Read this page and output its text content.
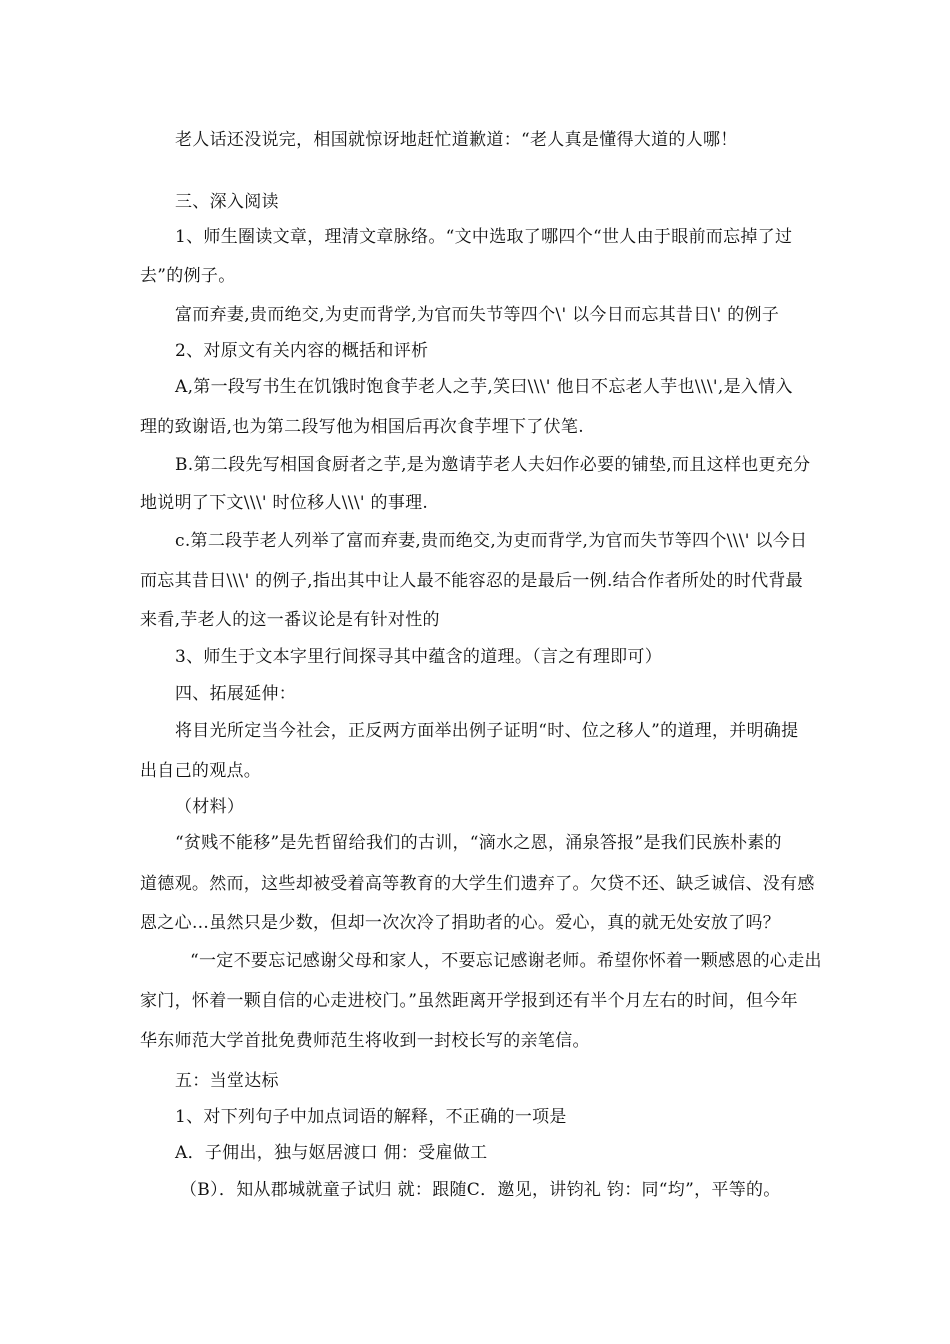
老人话还没说完，相国就惊讶地赶忙道歉道：“老人真是懂得大道的人哪！
三、深入阅读
1、师生圈读文章，理清文章脉络。“文中选取了哪四个“世人由于眼前而忘掉了过
去”的例子。
富而弃妻,贵而绝交,为吏而背学,为官而失节等四个\' 以今日而忘其昔日\' 的例子
2、对原文有关内容的概括和评析
A,第一段写书生在饥饿时饱食芋老人之芋,笑曰\\\' 他日不忘老人芋也\\\',是入情入
理的致谢语,也为第二段写他为相国后再次食芋埋下了伏笔.
B.第二段先写相国食厨者之芋,是为邀请芋老人夫妇作必要的铺垫,而且这样也更充分
地说明了下文\\\' 时位移人\\\' 的事理.
c.第二段芋老人列举了富而弃妻,贵而绝交,为吏而背学,为官而失节等四个\\\' 以今日
而忘其昔日\\\' 的例子,指出其中让人最不能容忍的是最后一例.结合作者所处的时代背最
来看,芋老人的这一番议论是有针对性的
3、师生于文本字里行间探寻其中蕴含的道理。（言之有理即可）
四、拓展延伸：
将目光所定当今社会，正反两方面举出例子证明“时、位之移人”的道理，并明确提
出自己的观点。
（材料）
“贫贱不能移”是先哲留给我们的古训，“滴水之恩，涌泉答报”是我们民族朴素的
道德观。然而，这些却被受着高等教育的大学生们遗弃了。欠贷不还、缺乏诚信、没有感
恩之心…虽然只是少数，但却一次次冷了捐助者的心。爱心，真的就无处安放了吗？
“一定不要忘记感谢父母和家人，不要忘记感谢老师。希望你怀着一颗感恩的心走出
家门，怀着一颗自信的心走进校门。”虽然距离开学报到还有半个月左右的时间，但今年
华东师范大学首批免费师范生将收到一封校长写的亲笔信。
五：当堂达标
1、对下列句子中加点词语的解释，不正确的一项是
A．子佣出，独与妪居渡口 佣：受雇做工
（B）．知从郡城就童子试归 就：跟随C．邀见，讲钧礼 钧：同“均”，平等的。
